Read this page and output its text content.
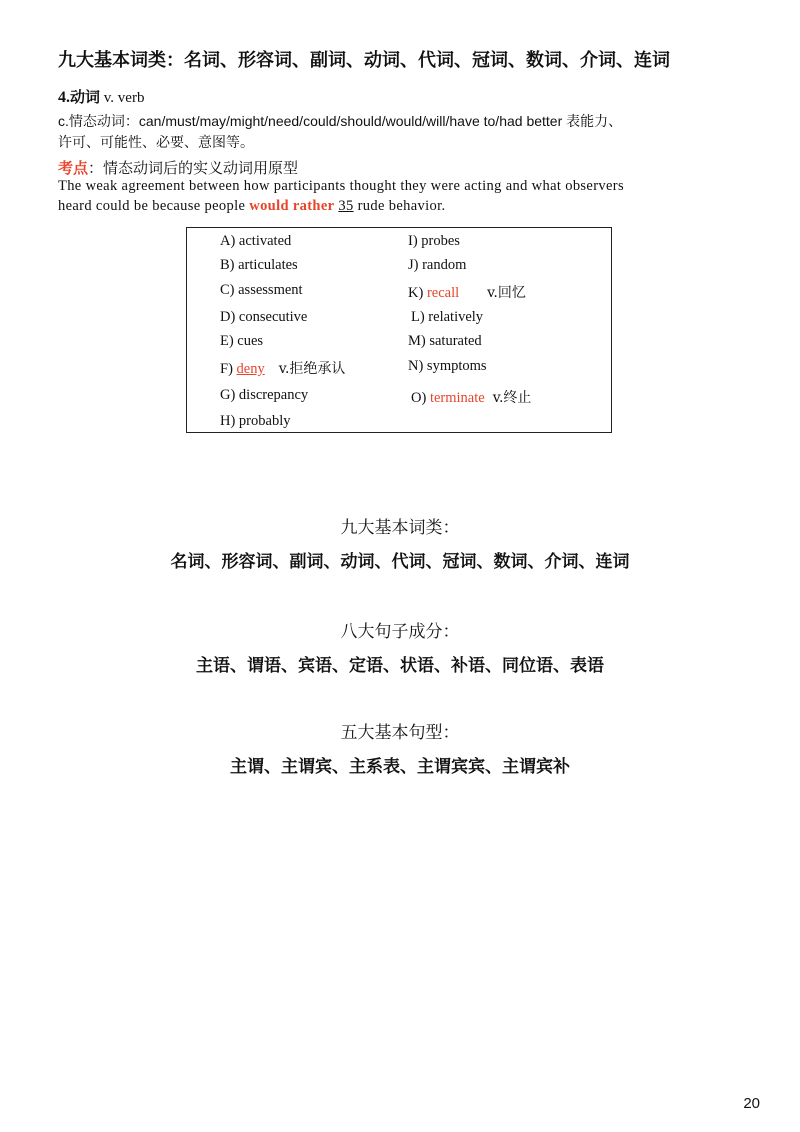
九大基本词类：名词、形容词、副词、动词、代词、冠词、数词、介词、连词
4.动词 v. verb
c.情态动词：can/must/may/might/need/could/should/would/will/have to/had better 表能力、
许可、可能性、必要、意图等。
考点：情态动词后的实义动词用原型
The weak agreement between how participants thought they were acting and what observers
heard could be because people would rather 35 rude behavior.
A) activated
B) articulates
C) assessment
D) consecutive
E) cues
F) deny v.拒绝承认
G) discrepancy
H) probably
I) probes
J) random
K) recall v.回忆
L) relatively
M) saturated
N) symptoms
O) terminate v.终止
九大基本词类：
名词、形容词、副词、动词、代词、冠词、数词、介词、连词
八大句子成分：
主语、谓语、宾语、定语、状语、补语、同位语、表语
五大基本句型：
主谓、主谓宾、主系表、主谓宾宾、主谓宾补
20
